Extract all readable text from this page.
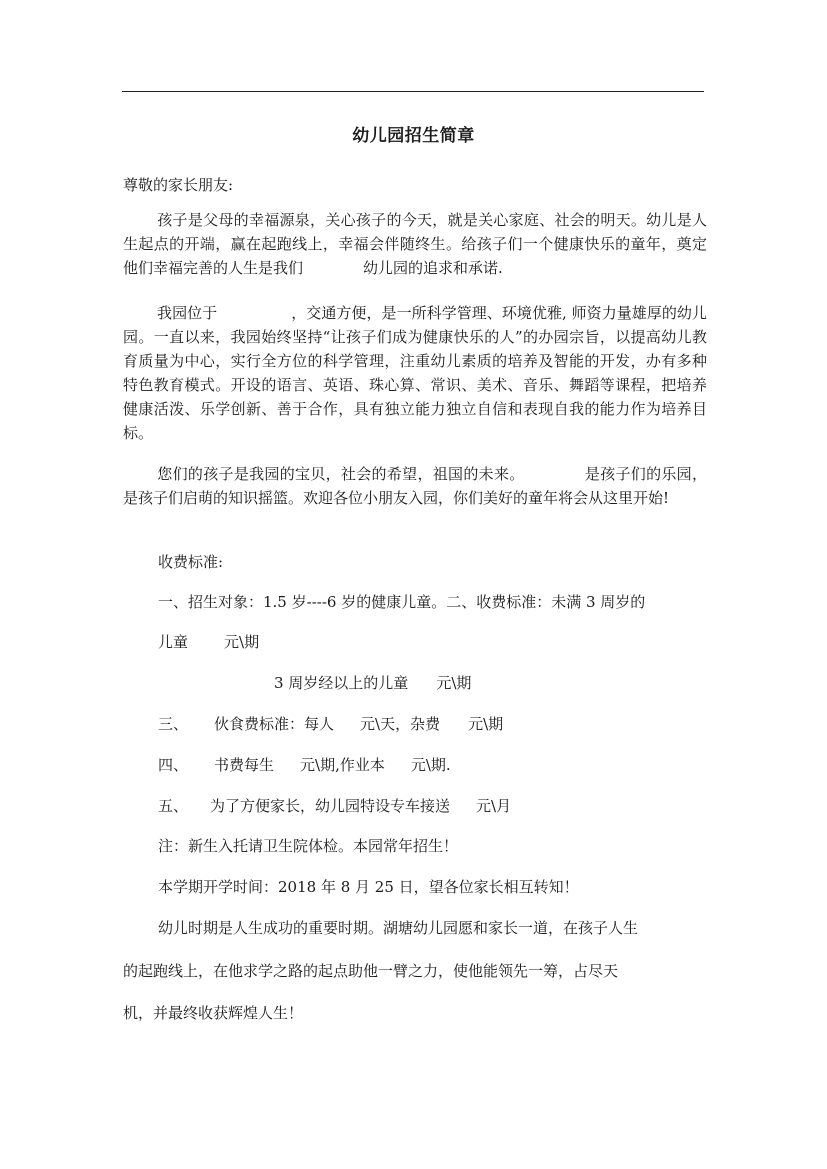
幼儿园招生简章
尊敬的家长朋友:
孩子是父母的幸福源泉，关心孩子的今天，就是关心家庭、社会的明天。幼儿是人生起点的开端，赢在起跑线上，幸福会伴随终生。给孩子们一个健康快乐的童年，奠定他们幸福完善的人生是我们	幼儿园的追求和承诺.
我园位于	，交通方便，是一所科学管理、环境优雅, 师资力量雄厚的幼儿园。一直以来，我园始终坚持“让孩子们成为健康快乐的人”的办园宗旨，以提高幼儿教育质量为中心，实行全方位的科学管理，注重幼儿素质的培养及智能的开发，办有多种特色教育模式。开设的语言、英语、珠心算、常识、美术、音乐、舞蹈等课程，把培养健康活泼、乐学创新、善于合作，具有独立能力独立自信和表现自我的能力作为培养目标。
您们的孩子是我园的宝贝，社会的希望，祖国的未来。	是孩子们的乐园，是孩子们启萌的知识摇篮。欢迎各位小朋友入园，你们美好的童年将会从这里开始!
收费标准:
一、招生对象：1.5 岁----6 岁的健康儿童。二、收费标准：未满 3 周岁的
儿童 元\期
3 周岁经以上的儿童 元\期
三、 伙食费标准：每人 元\天，杂费 元\期
四、 书费每生 元\期,作业本 元\期.
五、 为了方便家长，幼儿园特设专车接送 元\月
注：新生入托请卫生院体检。本园常年招生！
本学期开学时间：2018 年 8 月 25 日，望各位家长相互转知！
幼儿时期是人生成功的重要时期。湖塘幼儿园愿和家长一道，在孩子人生
的起跑线上，在他求学之路的起点助他一臂之力，使他能领先一筹，占尽天
机，并最终收获辉煌人生！
